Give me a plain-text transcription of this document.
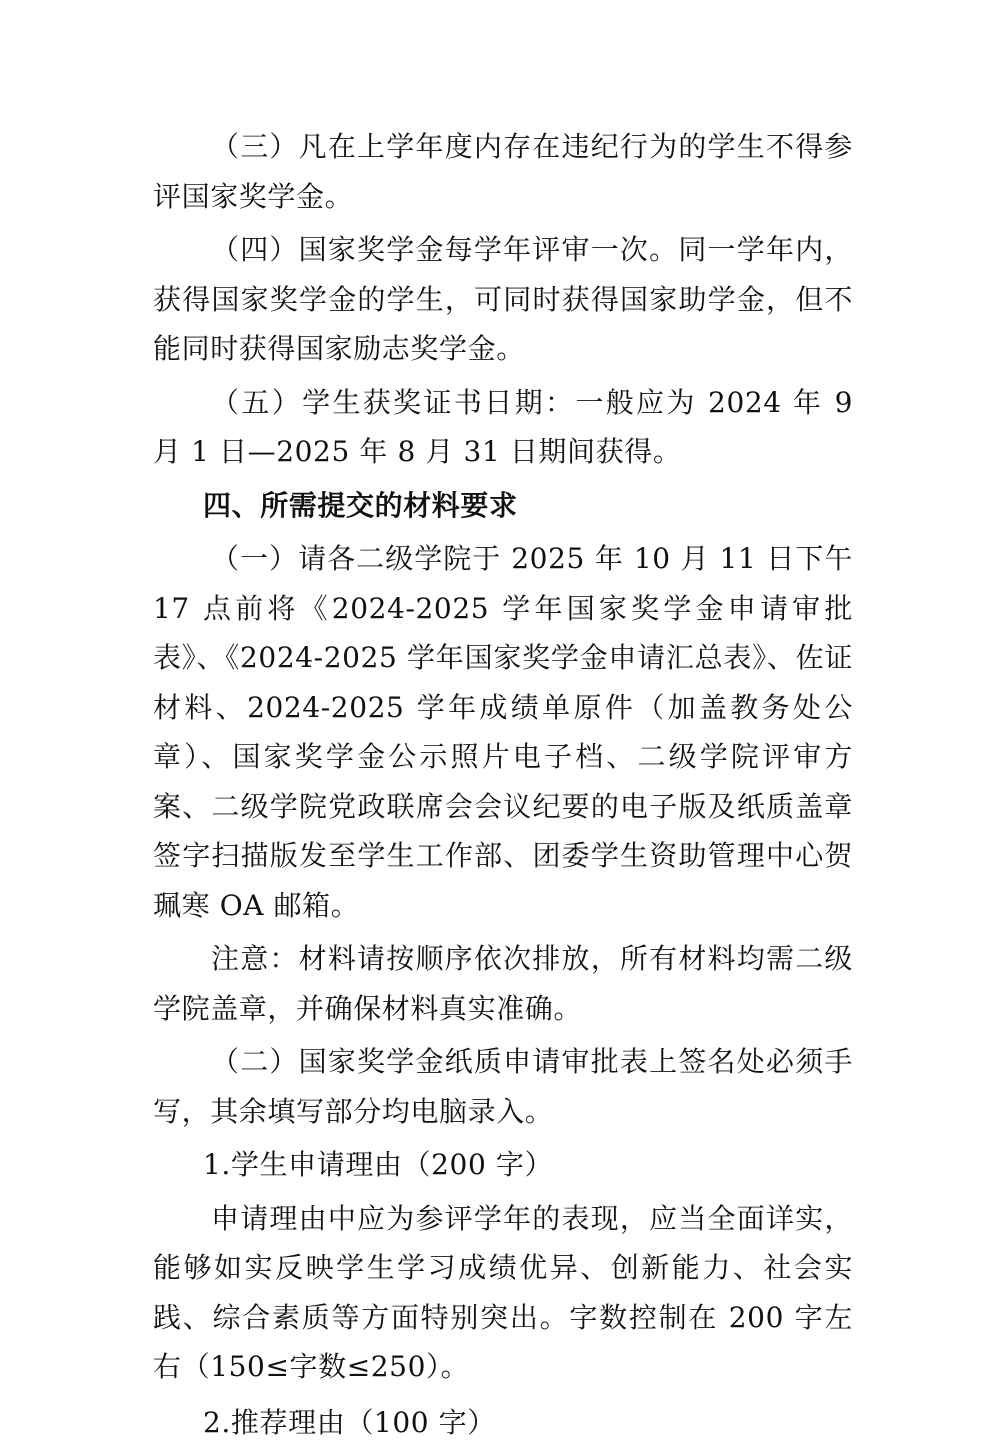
（三）凡在上学年度内存在违纪行为的学生不得参评国家奖学金。

（四）国家奖学金每学年评审一次。同一学年内，获得国家奖学金的学生，可同时获得国家助学金，但不能同时获得国家励志奖学金。

（五）学生获奖证书日期：一般应为 2024 年 9 月 1 日—2025 年 8 月 31 日期间获得。

四、所需提交的材料要求

（一）请各二级学院于 2025 年 10 月 11 日下午 17 点前将《2024-2025 学年国家奖学金申请审批表》、《2024-2025 学年国家奖学金申请汇总表》、佐证材料、2024-2025 学年成绩单原件（加盖教务处公章）、国家奖学金公示照片电子档、二级学院评审方案、二级学院党政联席会会议纪要的电子版及纸质盖章签字扫描版发至学生工作部、团委学生资助管理中心贺珮寒 OA 邮箱。

注意：材料请按顺序依次排放，所有材料均需二级学院盖章，并确保材料真实准确。

（二）国家奖学金纸质申请审批表上签名处必须手写，其余填写部分均电脑录入。

1.学生申请理由（200 字）

申请理由中应为参评学年的表现，应当全面详实，能够如实反映学生学习成绩优异、创新能力、社会实践、综合素质等方面特别突出。字数控制在 200 字左右（150≤字数≤250）。

2.推荐理由（100 字）
